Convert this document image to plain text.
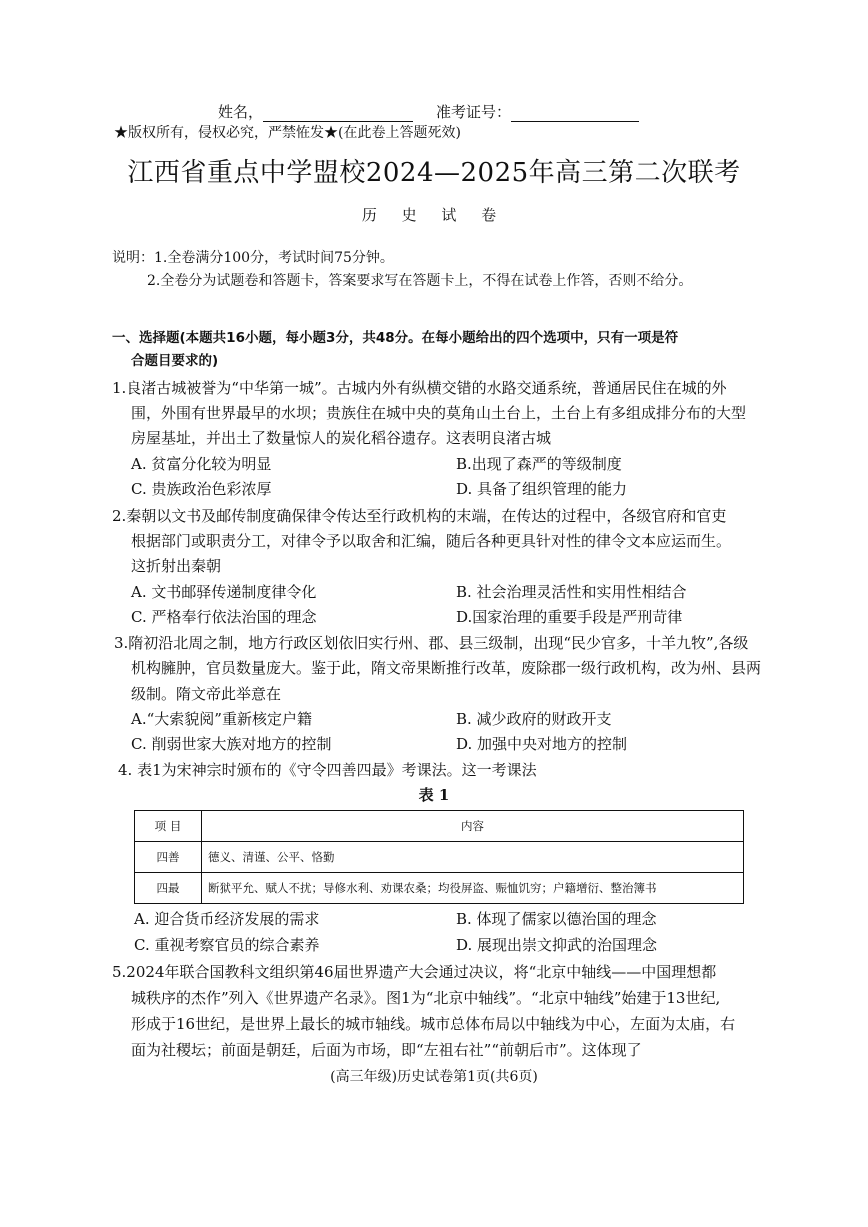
姓名，	准考证号：
★版权所有，侵权必究，严禁恠发★(在此卷上答题死效)
江西省重点中学盟校2024—2025年高三第二次联考
历 史 试 卷
说明：1.全卷满分100分，考试时间75分钟。
2.全卷分为试题卷和答题卡，答案要求写在答题卡上，不得在试卷上作答，否则不给分。
一、选择题(本题共16小题，每小题3分，共48分。在每小题给出的四个选项中，只有一项是符
合题目要求的)
1.良渚古城被誉为“中华第一城”。古城内外有纵横交错的水路交通系统，普通居民住在城的外
围，外围有世界最早的水坝；贵族住在城中央的莫角山土台上，土台上有多组成排分布的大型
房屋基址，并出土了数量惊人的炭化稻谷遗存。这表明良渚古城
A. 贫富分化较为明显	B.出现了森严的等级制度
C. 贵族政治色彩浓厚	D. 具备了组织管理的能力
2.秦朝以文书及邮传制度确保律令传达至行政机构的末端，在传达的过程中，各级官府和官吏
根据部门或职责分工，对律令予以取舍和汇编，随后各种更具针对性的律令文本应运而生。
这折射出秦朝
A. 文书邮驿传递制度律令化	B. 社会治理灵活性和实用性相结合
C. 严格奉行依法治国的理念	D.国家治理的重要手段是严刑苛律
3.隋初沿北周之制，地方行政区划依旧实行州、郡、县三级制，出现“民少官多，十羊九牧”,各级
机构臃肿，官员数量庞大。鉴于此，隋文帝果断推行改革，废除郡一级行政机构，改为州、县两
级制。隋文帝此举意在
A.“大索貌阅”重新核定户籍	B. 减少政府的财政开支
C. 削弱世家大族对地方的控制	D. 加强中央对地方的控制
4. 表1为宋神宗时颁布的《守令四善四最》考课法。这一考课法
表 1
项 目	内容
四善	德义、清谨、公平、恪勤
四最	断狱平允、赋人不扰；导修水利、劝课农桑；均役屏盗、赈恤饥穷；户籍增衍、整治簿书
A. 迎合货币经济发展的需求	B. 体现了儒家以德治国的理念
C. 重视考察官员的综合素养	D. 展现出崇文抑武的治国理念
5.2024年联合国教科文组织第46届世界遗产大会通过决议，将“北京中轴线——中国理想都
城秩序的杰作”列入《世界遗产名录》。图1为“北京中轴线”。“北京中轴线”始建于13世纪,
形成于16世纪，是世界上最长的城市轴线。城市总体布局以中轴线为中心，左面为太庙，右
面为社稷坛；前面是朝廷，后面为市场，即“左祖右社”“前朝后市”。这体现了
(高三年级)历史试卷第1页(共6页)
